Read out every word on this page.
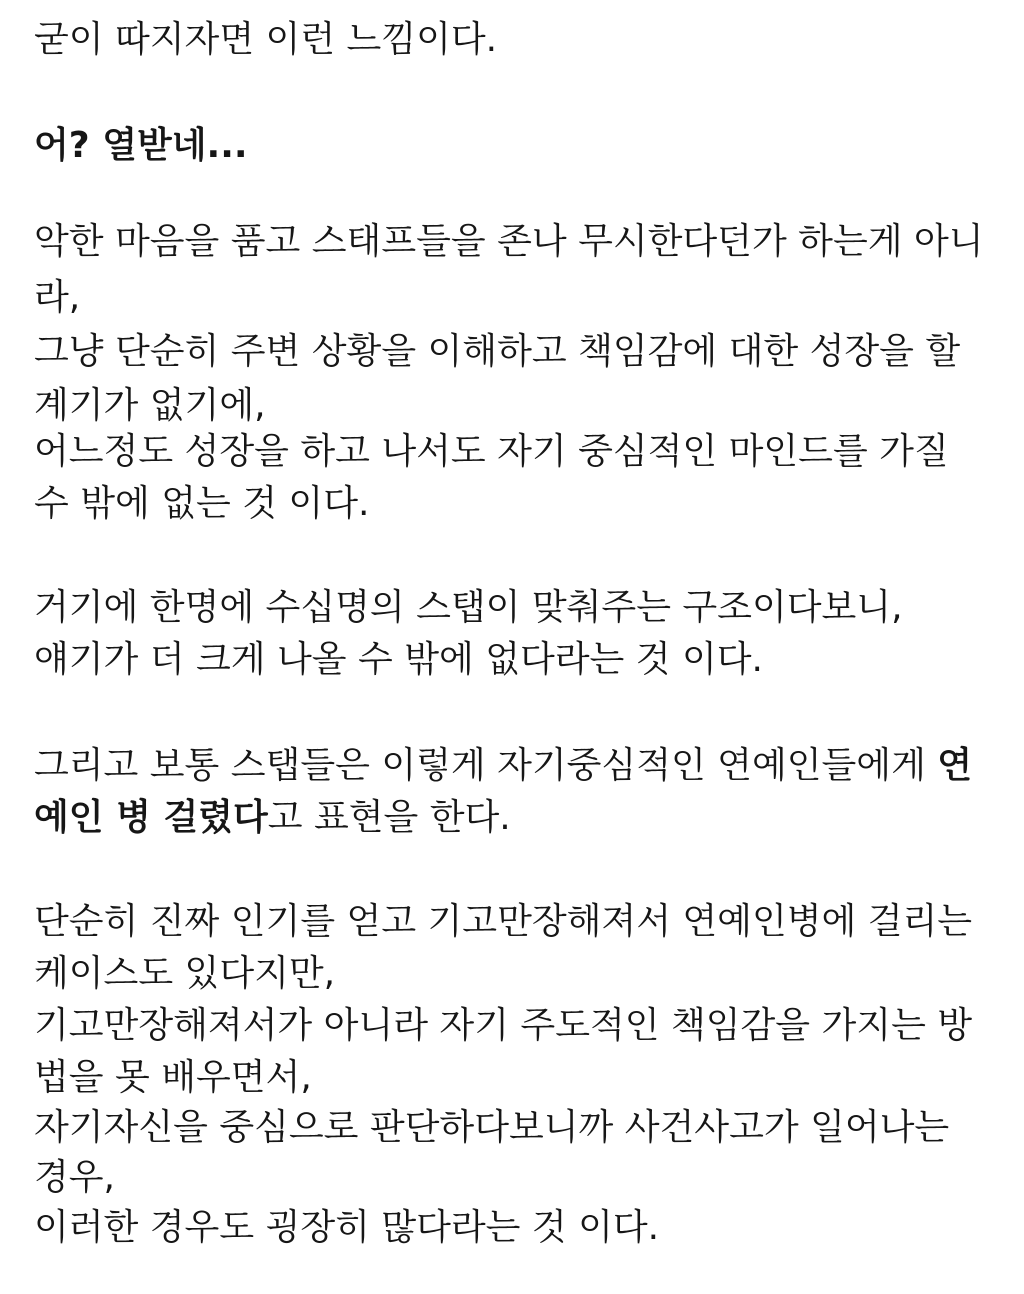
굳이 따지자면 이런 느낌이다.
어? 열받네...
악한 마음을 품고 스태프들을 존나 무시한다던가 하는게 아니
라,
그냥 단순히 주변 상황을 이해하고 책임감에 대한 성장을 할
계기가 없기에,
어느정도 성장을 하고 나서도 자기 중심적인 마인드를 가질
수 밖에 없는 것 이다.
거기에 한명에 수십명의 스탭이 맞춰주는 구조이다보니,
얘기가 더 크게 나올 수 밖에 없다라는 것 이다.
그리고 보통 스탭들은 이렇게 자기중심적인 연예인들에게 연
예인 병 걸렸다고 표현을 한다.
단순히 진짜 인기를 얻고 기고만장해져서 연예인병에 걸리는
케이스도 있다지만,
기고만장해져서가 아니라 자기 주도적인 책임감을 가지는 방
법을 못 배우면서,
자기자신을 중심으로 판단하다보니까 사건사고가 일어나는
경우,
이러한 경우도 굉장히 많다라는 것 이다.
